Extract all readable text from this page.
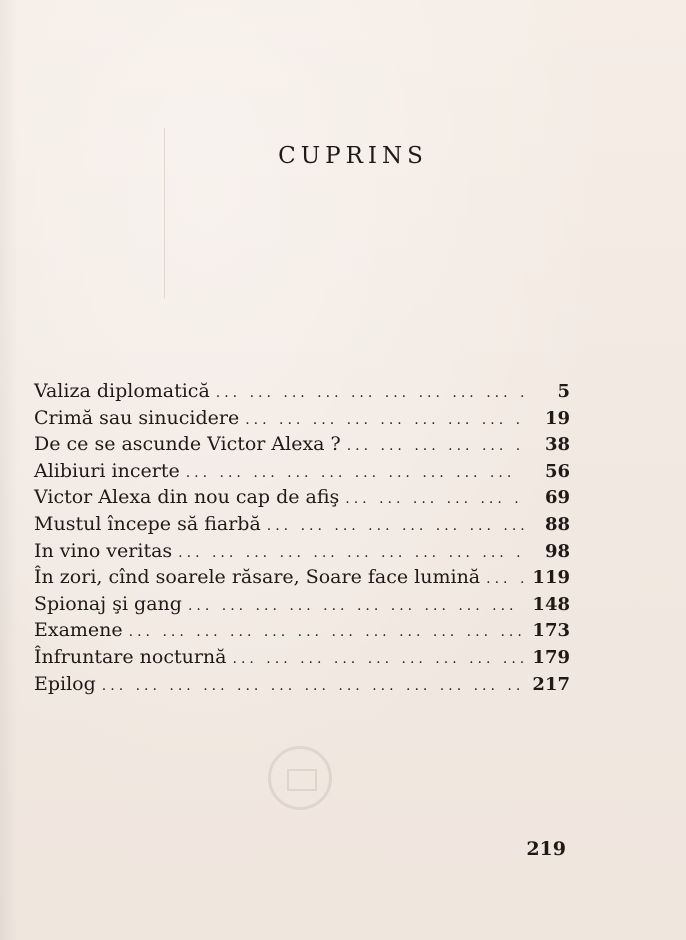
CUPRINS
Valiza diplomatică ... .	5
Crimă sau sinucidere ... .	19
De ce se ascunde Victor Alexa ? ... .	38
Alibiuri incerte ... .	56
Victor Alexa din nou cap de afiş ... .	69
Mustul începe să fiarbă ... .	88
In vino veritas ... .	98
În zori, cînd soarele răsare, Soare face lumină ... .	119
Spionaj şi gang ... .	148
Examene ... .	173
Înfruntare nocturnă ... .	179
Epilog ... .	217
219
